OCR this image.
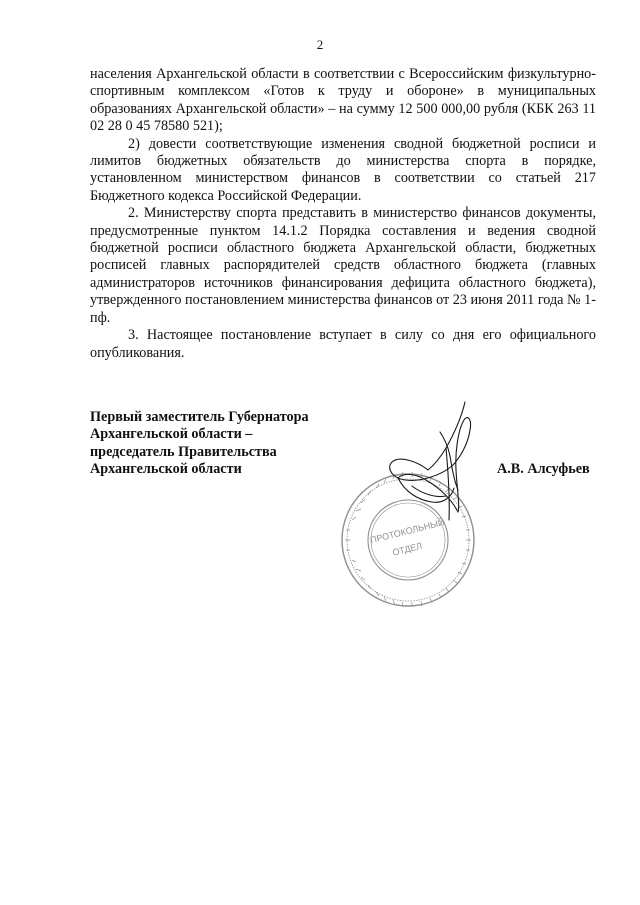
2

населения Архангельской области в соответствии с Всероссийским физкультурно-спортивным комплексом «Готов к труду и обороне» в муниципальных образованиях Архангельской области» – на сумму 12 500 000,00 рубля (КБК 263 11 02 28 0 45 78580 521);

2) довести соответствующие изменения сводной бюджетной росписи и лимитов бюджетных обязательств до министерства спорта в порядке, установленном министерством финансов в соответствии со статьей 217 Бюджетного кодекса Российской Федерации.

2. Министерству спорта представить в министерство финансов документы, предусмотренные пунктом 14.1.2 Порядка составления и ведения сводной бюджетной росписи областного бюджета Архангельской области, бюджетных росписей главных распорядителей средств областного бюджета (главных администраторов источников финансирования дефицита областного бюджета), утвержденного постановлением министерства финансов от 23 июня 2011 года № 1-пф.

3. Настоящее постановление вступает в силу со дня его официального опубликования.

Первый заместитель Губернатора
Архангельской области –
председатель Правительства
Архангельской области
ПРОТОКОЛЬНЫЙ
ОТДЕЛ
А.В. Алсуфьев
